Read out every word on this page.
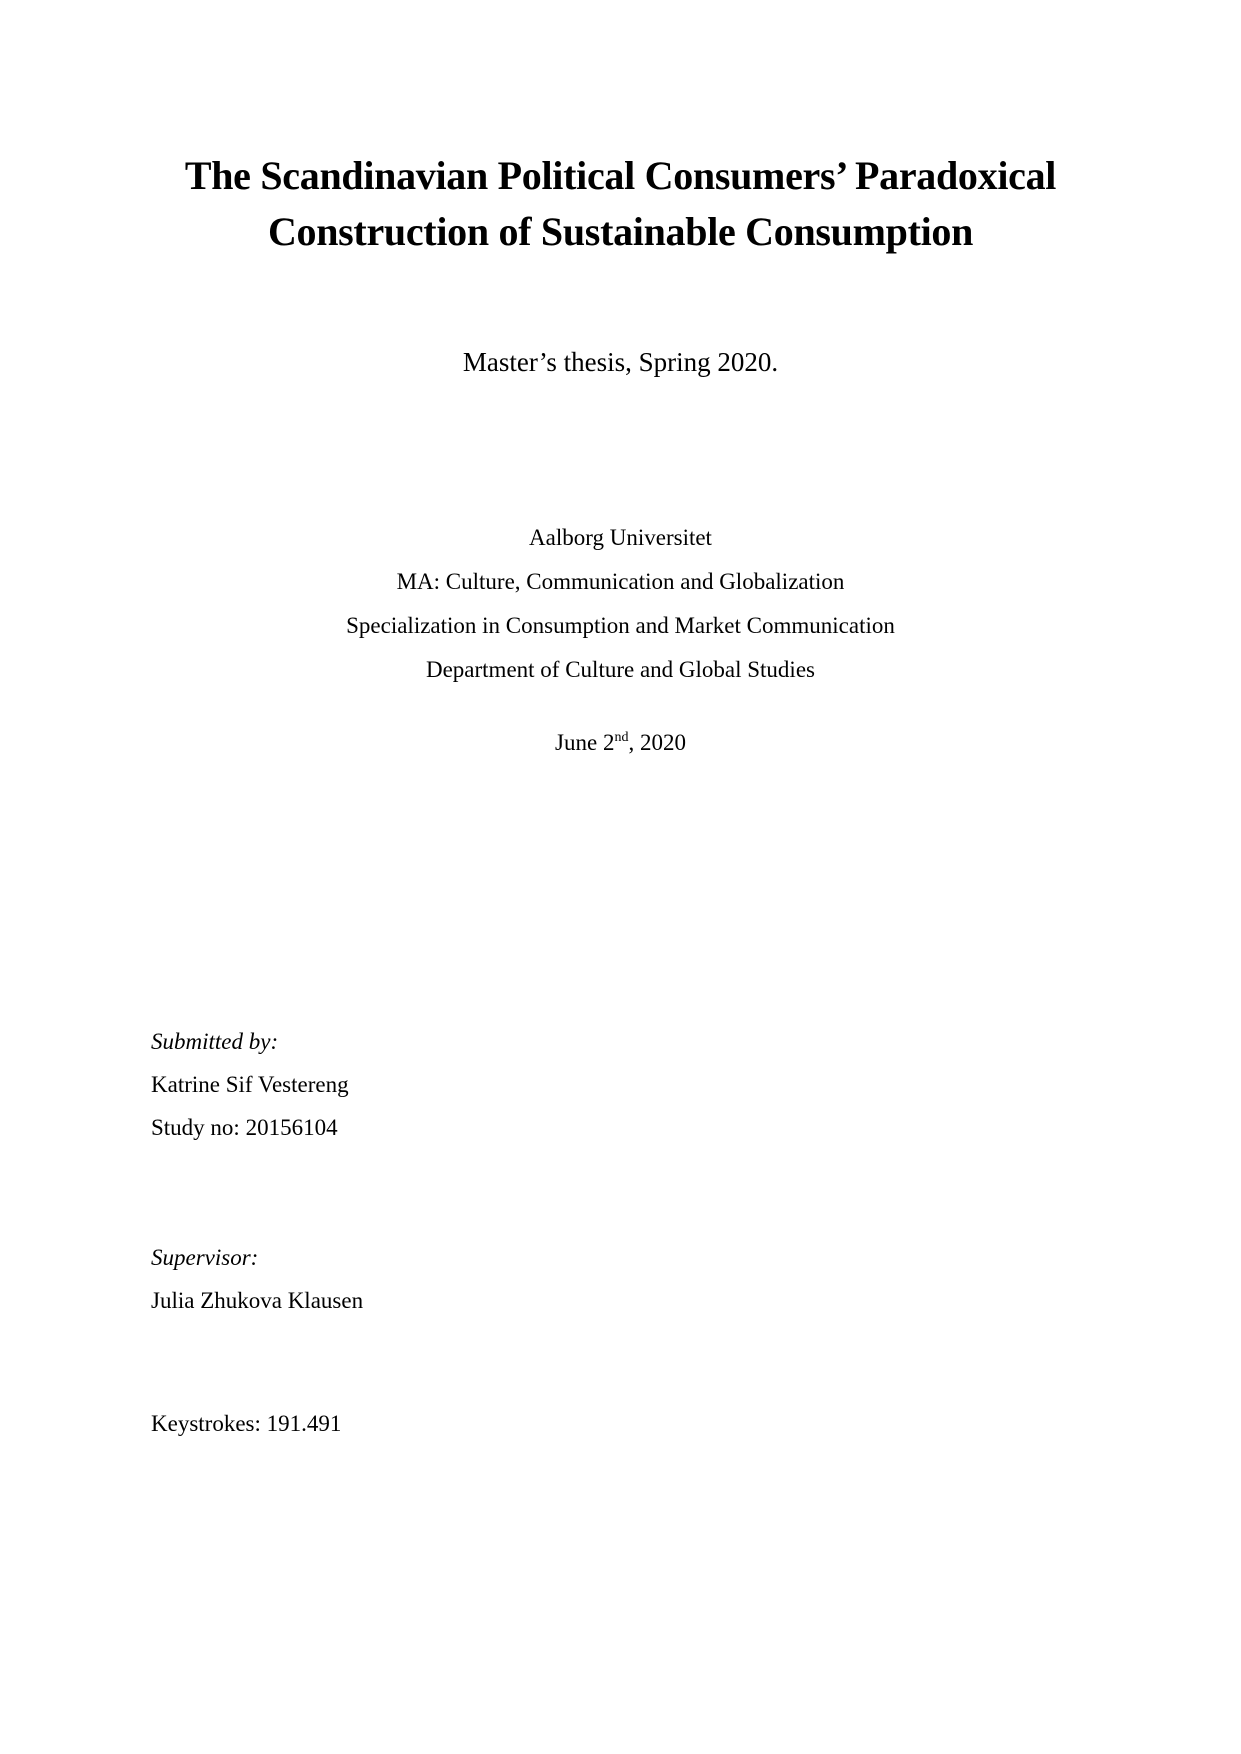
The Scandinavian Political Consumers’ Paradoxical
Construction of Sustainable Consumption
Master’s thesis, Spring 2020.
Aalborg Universitet
MA: Culture, Communication and Globalization
Specialization in Consumption and Market Communication
Department of Culture and Global Studies
June 2nd, 2020
Submitted by:
Katrine Sif Vestereng
Study no: 20156104
Supervisor:
Julia Zhukova Klausen
Keystrokes: 191.491
